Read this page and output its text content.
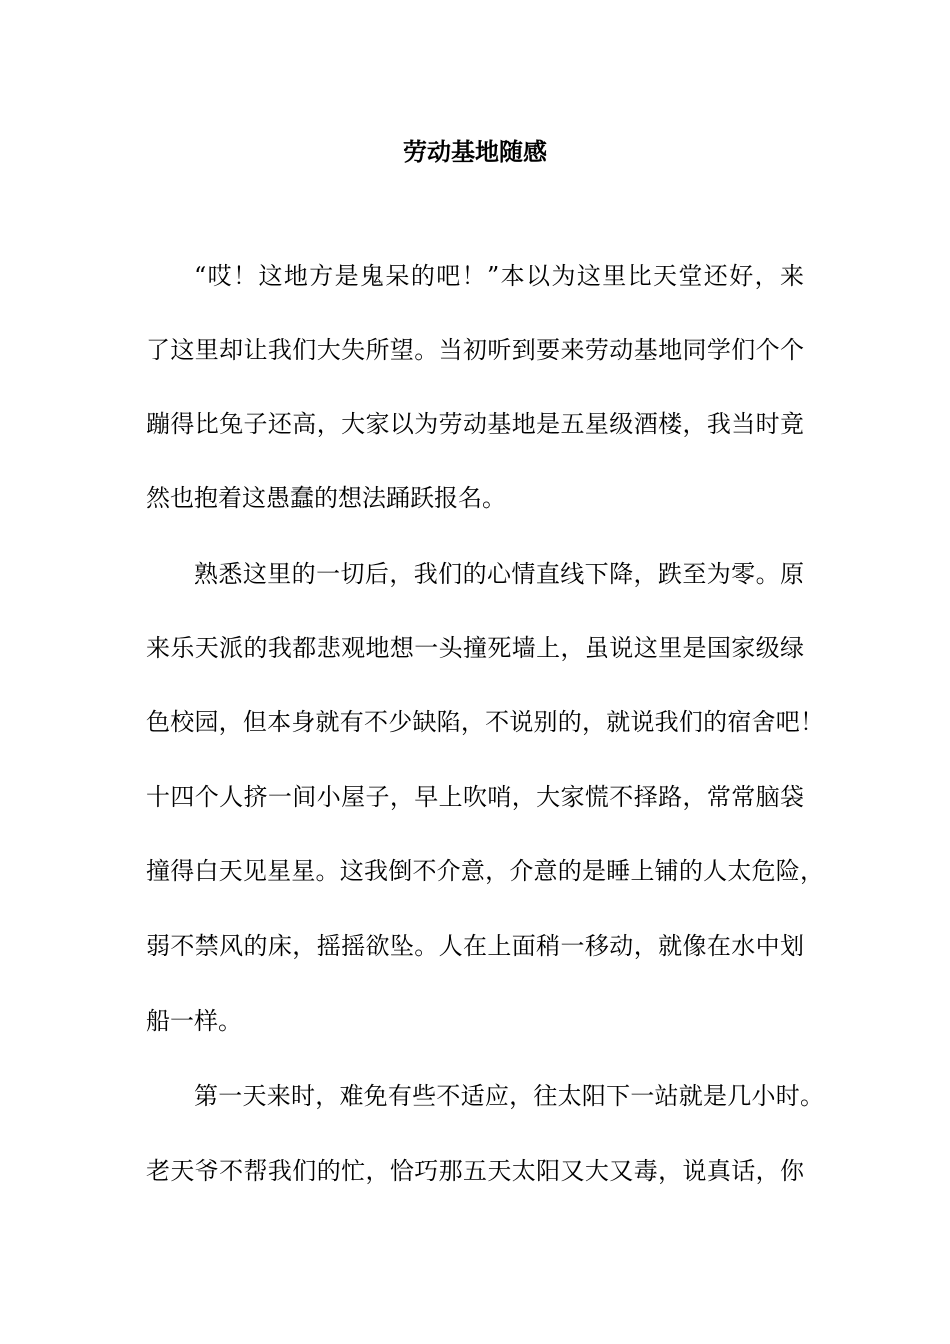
劳动基地随感
“哎！这地方是鬼呆的吧！”本以为这里比天堂还好，来
了这里却让我们大失所望。当初听到要来劳动基地同学们个个
蹦得比兔子还高，大家以为劳动基地是五星级酒楼，我当时竟
然也抱着这愚蠢的想法踊跃报名。
熟悉这里的一切后，我们的心情直线下降，跌至为零。原
来乐天派的我都悲观地想一头撞死墙上，虽说这里是国家级绿
色校园，但本身就有不少缺陷，不说别的，就说我们的宿舍吧！
十四个人挤一间小屋子，早上吹哨，大家慌不择路，常常脑袋
撞得白天见星星。这我倒不介意，介意的是睡上铺的人太危险，
弱不禁风的床，摇摇欲坠。人在上面稍一移动，就像在水中划
船一样。
第一天来时，难免有些不适应，往太阳下一站就是几小时。
老天爷不帮我们的忙，恰巧那五天太阳又大又毒，说真话，你
